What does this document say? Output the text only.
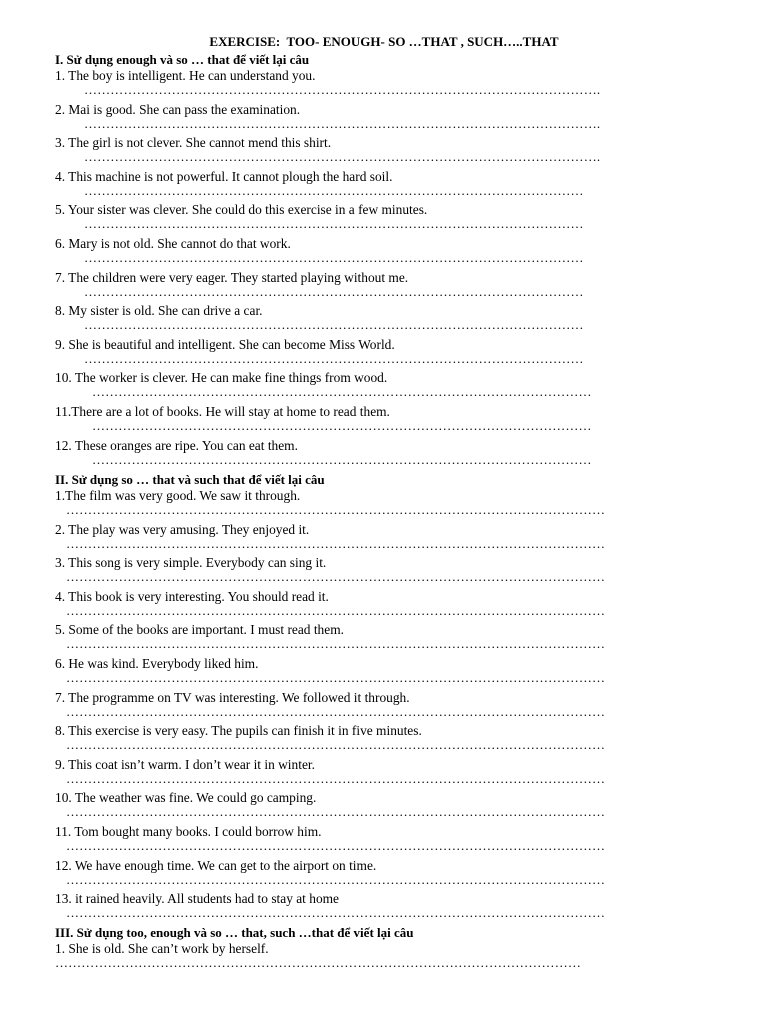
EXERCISE:  TOO- ENOUGH- SO …THAT , SUCH…..THAT
I. Sử dụng enough và so … that để viết lại câu
1. The boy is intelligent. He can understand you.
……………………………………………………………………………………………………….
2. Mai is good. She can pass the examination.
……………………………………………………………………………………………………….
3. The girl is not clever. She cannot mend this shirt.
……………………………………………………………………………………………………….
4. This machine is not powerful. It cannot plough the hard soil.
……………………………………………………………………………………………………
5. Your sister was clever. She could do this exercise in a few minutes.
……………………………………………………………………………………………………
6. Mary is not old. She cannot do that work.
……………………………………………………………………………………………………
7. The children were very eager. They started playing without me.
……………………………………………………………………………………………………
8. My sister is old. She can drive a car.
……………………………………………………………………………………………………
9. She is beautiful and intelligent. She can become Miss World.
……………………………………………………………………………………………………
10. The worker is clever. He can make fine things from wood.
……………………………………………………………………………………………………
11.There are a lot of books. He will stay at home to read them.
……………………………………………………………………………………………………
12. These oranges are ripe. You can eat them.
……………………………………………………………………………………………………
II. Sử dụng so … that và such that để viết lại câu
1.The film was very good. We saw it through.
……………………………………………………………………………………………………………
2. The play was very amusing. They enjoyed it.
……………………………………………………………………………………………………………
3. This song is very simple. Everybody can sing it.
……………………………………………………………………………………………………………
4. This book is very interesting. You should read it.
……………………………………………………………………………………………………………
5. Some of the books are important. I must read them.
……………………………………………………………………………………………………………
6. He was kind. Everybody liked him.
……………………………………………………………………………………………………………
7. The programme on TV was interesting. We followed it through.
……………………………………………………………………………………………………………
8. This exercise is very easy. The pupils can finish it in five minutes.
……………………………………………………………………………………………………………
9. This coat isn’t warm. I don’t wear it in winter.
……………………………………………………………………………………………………………
10. The weather was fine. We could go camping.
……………………………………………………………………………………………………………
11. Tom bought many books. I could borrow him.
……………………………………………………………………………………………………………
12. We have enough time. We can get to the airport on time.
……………………………………………………………………………………………………………
13. it rained heavily. All students had to stay at home
……………………………………………………………………………………………………………
III. Sử dụng too, enough và so … that, such …that để viết lại câu
1. She is old. She can’t work by herself.
…………………………………………………………………………………………………………
